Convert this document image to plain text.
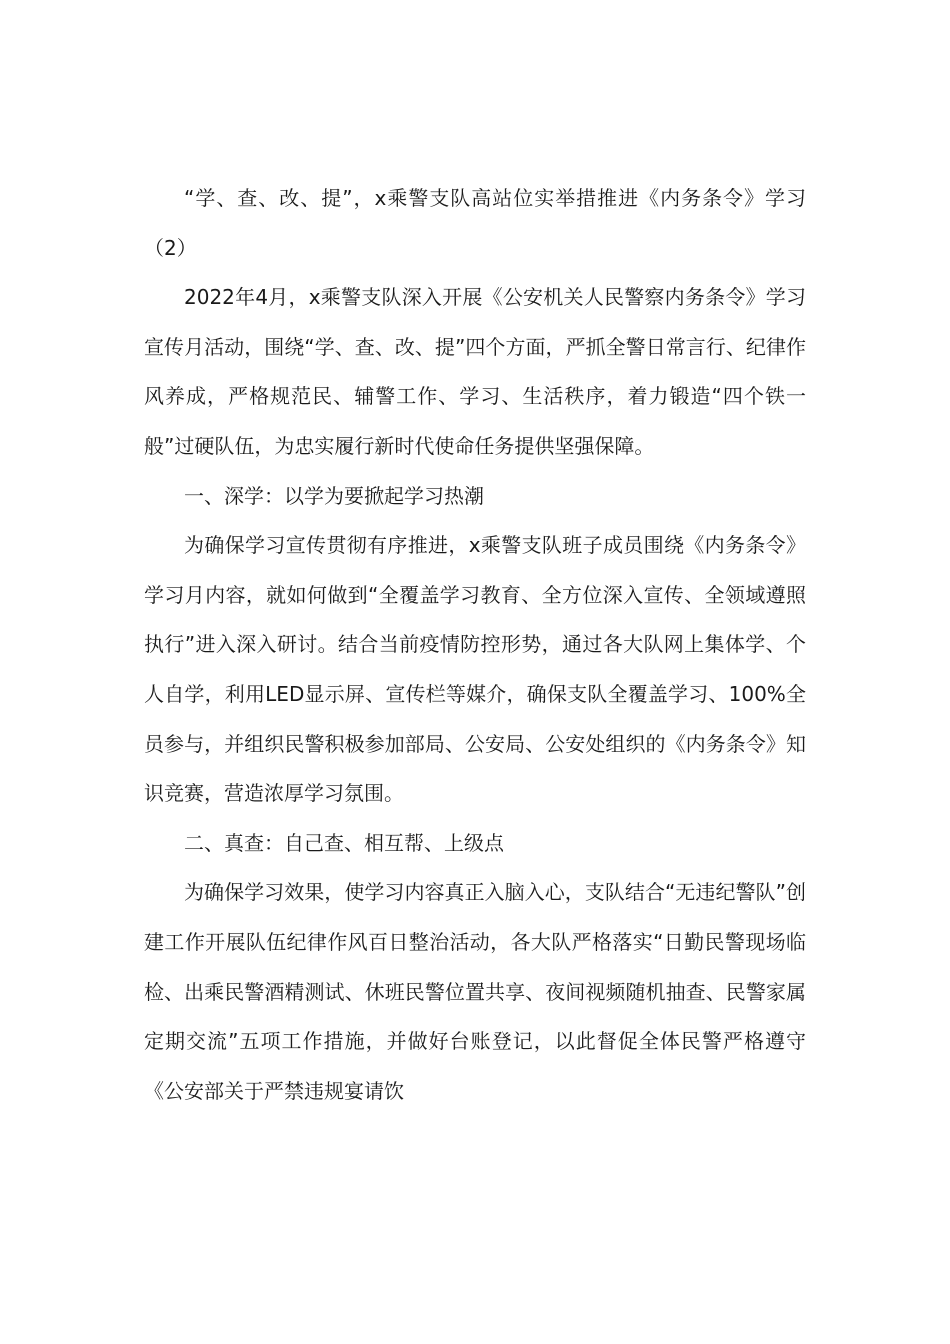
“学、查、改、提”，x乘警支队高站位实举措推进《内务条令》学习（2）

2022年4月，x乘警支队深入开展《公安机关人民警察内务条令》学习宣传月活动，围绕“学、查、改、提”四个方面，严抓全警日常言行、纪律作风养成，严格规范民、辅警工作、学习、生活秩序，着力锻造“四个铁一般”过硬队伍，为忠实履行新时代使命任务提供坚强保障。

一、深学：以学为要掀起学习热潮

为确保学习宣传贯彻有序推进，x乘警支队班子成员围绕《内务条令》学习月内容，就如何做到“全覆盖学习教育、全方位深入宣传、全领域遵照执行”进入深入研讨。结合当前疫情防控形势，通过各大队网上集体学、个人自学，利用LED显示屏、宣传栏等媒介，确保支队全覆盖学习、100%全员参与，并组织民警积极参加部局、公安局、公安处组织的《内务条令》知识竞赛，营造浓厚学习氛围。

二、真查：自己查、相互帮、上级点

为确保学习效果，使学习内容真正入脑入心，支队结合“无违纪警队”创建工作开展队伍纪律作风百日整治活动，各大队严格落实“日勤民警现场临检、出乘民警酒精测试、休班民警位置共享、夜间视频随机抽查、民警家属定期交流”五项工作措施，并做好台账登记，以此督促全体民警严格遵守《公安部关于严禁违规宴请饮
